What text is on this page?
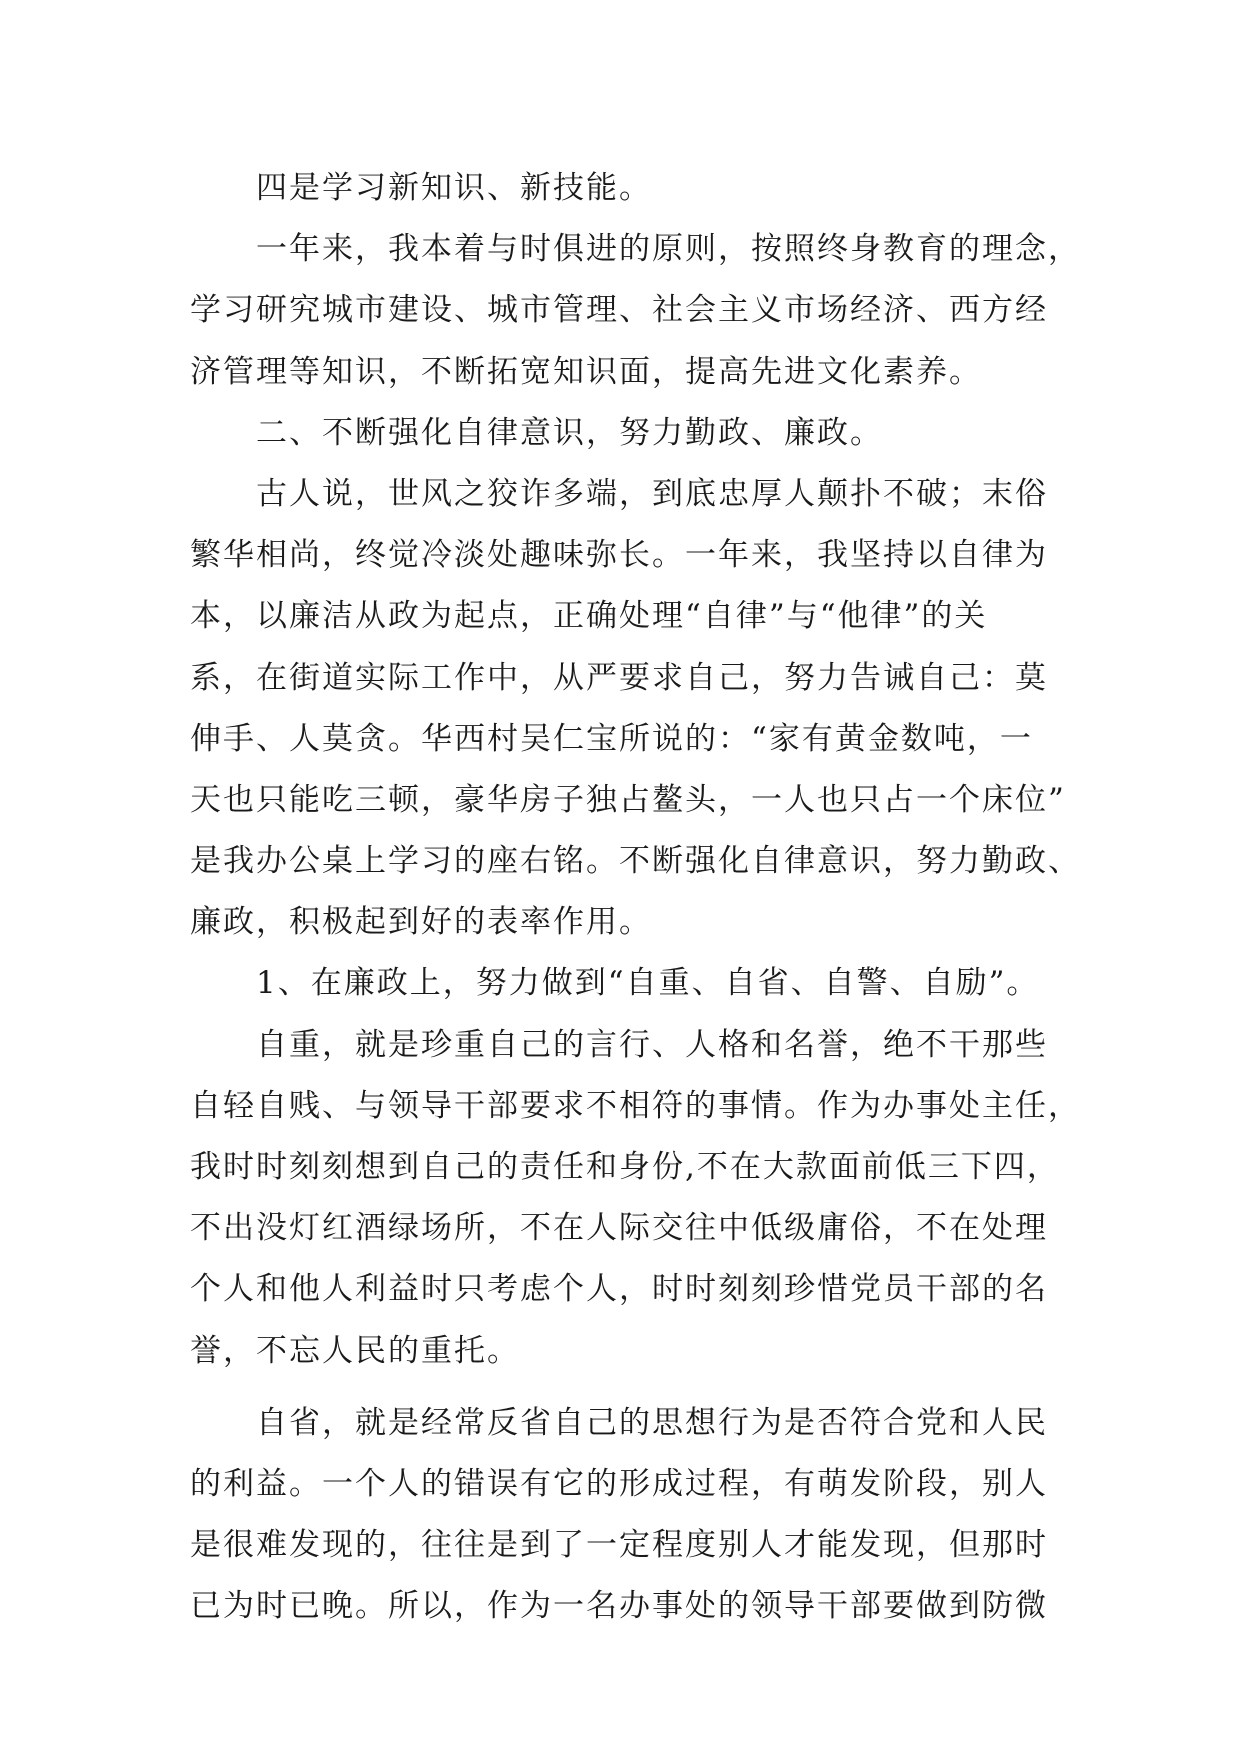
四是学习新知识、新技能。
一年来，我本着与时俱进的原则，按照终身教育的理念，
学习研究城市建设、城市管理、社会主义市场经济、西方经
济管理等知识，不断拓宽知识面，提高先进文化素养。
二、不断强化自律意识，努力勤政、廉政。
古人说，世风之狡诈多端，到底忠厚人颠扑不破；末俗
繁华相尚，终觉冷淡处趣味弥长。一年来，我坚持以自律为
本，以廉洁从政为起点，正确处理“自律”与“他律”的关
系，在街道实际工作中，从严要求自己，努力告诫自己：莫
伸手、人莫贪。华西村吴仁宝所说的：“家有黄金数吨，一
天也只能吃三顿，豪华房子独占鳌头，一人也只占一个床位”
是我办公桌上学习的座右铭。不断强化自律意识，努力勤政、
廉政，积极起到好的表率作用。
1、在廉政上，努力做到“自重、自省、自警、自励”。
自重，就是珍重自己的言行、人格和名誉，绝不干那些
自轻自贱、与领导干部要求不相符的事情。作为办事处主任，
我时时刻刻想到自己的责任和身份,不在大款面前低三下四，
不出没灯红酒绿场所，不在人际交往中低级庸俗，不在处理
个人和他人利益时只考虑个人，时时刻刻珍惜党员干部的名
誉，不忘人民的重托。
自省，就是经常反省自己的思想行为是否符合党和人民
的利益。一个人的错误有它的形成过程，有萌发阶段，别人
是很难发现的，往往是到了一定程度别人才能发现，但那时
已为时已晚。所以，作为一名办事处的领导干部要做到防微
